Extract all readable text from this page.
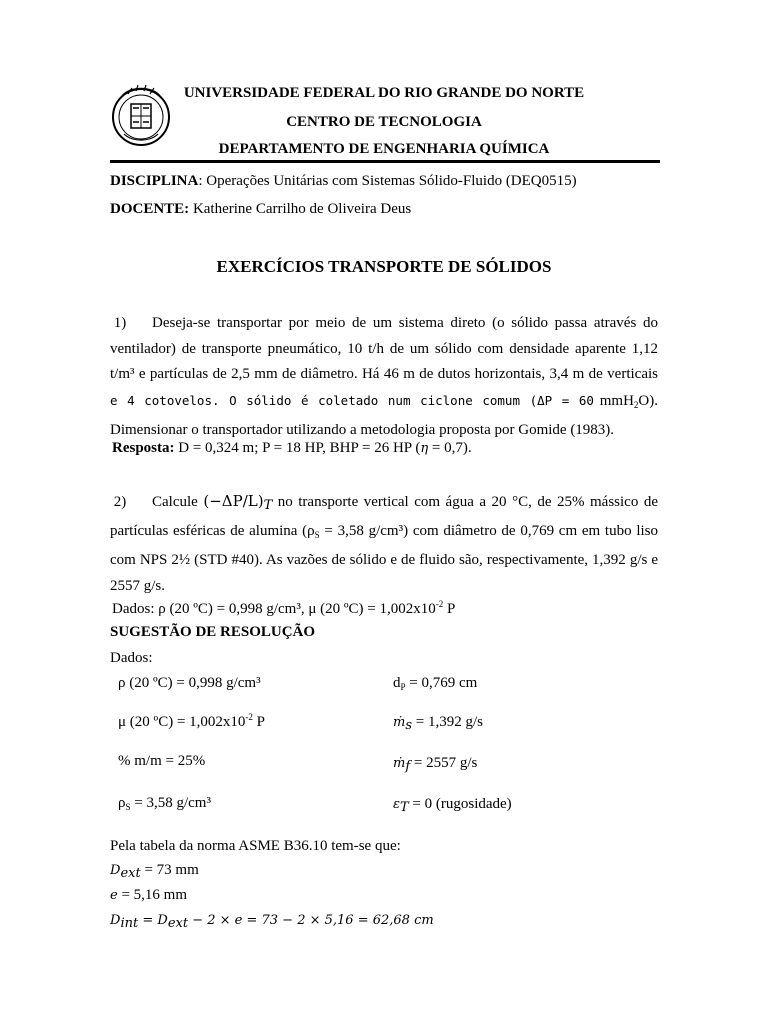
UNIVERSIDADE FEDERAL DO RIO GRANDE DO NORTE
CENTRO DE TECNOLOGIA
DEPARTAMENTO DE ENGENHARIA QUÍMICA
DISCIPLINA: Operações Unitárias com Sistemas Sólido-Fluido (DEQ0515)
DOCENTE: Katherine Carrilho de Oliveira Deus
EXERCÍCIOS TRANSPORTE DE SÓLIDOS
1) Deseja-se transportar por meio de um sistema direto (o sólido passa através do ventilador) de transporte pneumático, 10 t/h de um sólido com densidade aparente 1,12 t/m³ e partículas de 2,5 mm de diâmetro. Há 46 m de dutos horizontais, 3,4 m de verticais e 4 cotovelos. O sólido é coletado num ciclone comum (ΔP = 60 mmH$_2$O). Dimensionar o transportador utilizando a metodologia proposta por Gomide (1983).
Resposta: D = 0,324 m; P = 18 HP, BHP = 26 HP (η = 0,7).
2) Calcule $(-\Delta P/L)_T$ no transporte vertical com água a 20 °C, de 25% mássico de partículas esféricas de alumina ($\rho_S = 3,58$ g/cm³) com diâmetro de 0,769 cm em tubo liso com NPS 2½ (STD #40). As vazões de sólido e de fluido são, respectivamente, 1,392 g/s e 2557 g/s.
Dados: ρ (20 ºC) = 0,998 g/cm³, μ (20 ºC) = $1,002x10^{-2}$ P
SUGESTÃO DE RESOLUÇÃO
Dados:
ρ (20 ºC) = 0,998 g/cm³
μ (20 ºC) = $1,002x10^{-2}$ P
% m/m = 25%
$\rho_S = 3,58$ g/cm³
$d_P = 0,769$ cm
ṁ$_s$ = 1,392 g/s
ṁ$_f$ = 2557 g/s
$\varepsilon_T = 0$ (rugosidade)
Pela tabela da norma ASME B36.10 tem-se que:
$D_{ext} = 73$ mm
e = 5,16 mm
$D_{int} = D_{ext} - 2 \times e = 73 - 2 \times 5,16 = 62,68$ cm
